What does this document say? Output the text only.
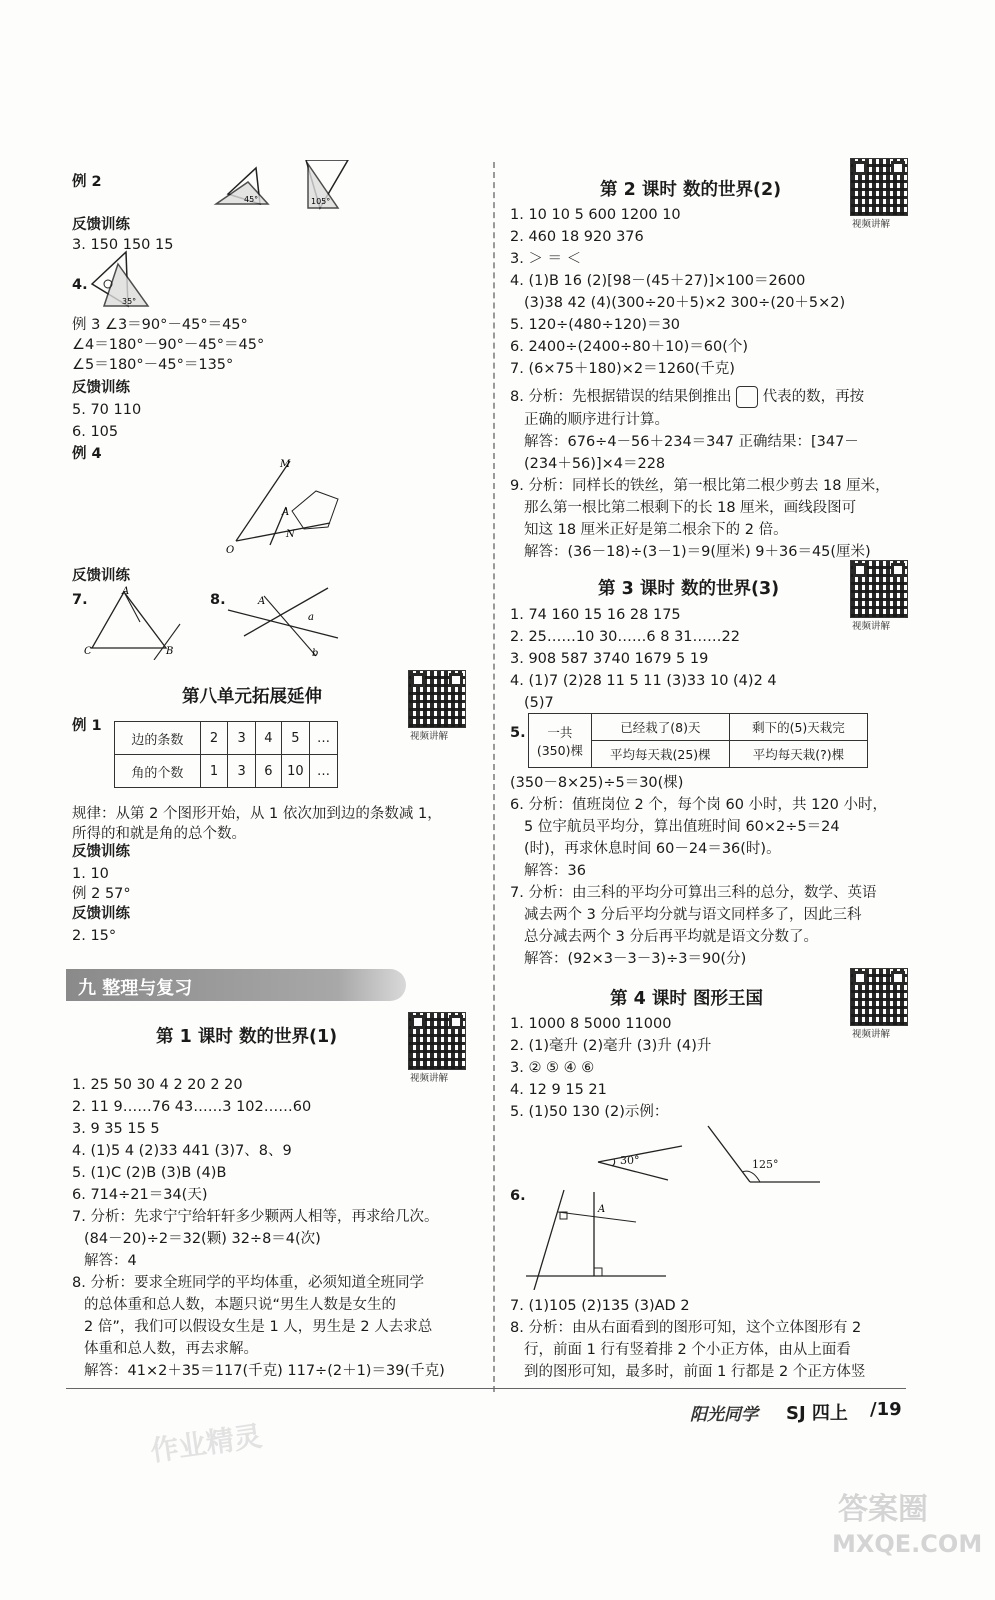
例 2
45°	105°
反馈训练
3. 150 150 15
4.
35°
例 3 ∠3＝90°－45°＝45°
∠4＝180°－90°－45°＝45°
∠5＝180°－45°＝135°
反馈训练
5. 70 110
6. 105
例 4
M
O
A
N
反馈训练
7.
A
C	B
8.	A
a
b
第八单元拓展延伸
视频讲解
例 1
边的条数	2	3	4	5	…
角的个数	1	3	6	10	…
规律：从第 2 个图形开始，从 1 依次加到边的条数减 1，
所得的和就是角的总个数。
反馈训练
1. 10
例 2 57°
反馈训练
2. 15°
九 整理与复习
第 1 课时 数的世界(1)
视频讲解
1. 25 50 30 4 2 20 2 20
2. 11 9……76 43……3 102……60
3. 9 35 15 5
4. (1)5 4 (2)33 441 (3)7、8、9
5. (1)C (2)B (3)B (4)B
6. 714÷21＝34(天)
7. 分析：先求宁宁给轩轩多少颗两人相等，再求给几次。
(84－20)÷2＝32(颗) 32÷8＝4(次)
解答：4
8. 分析：要求全班同学的平均体重，必须知道全班同学
的总体重和总人数，本题只说“男生人数是女生的
2 倍”，我们可以假设女生是 1 人，男生是 2 人去求总
体重和总人数，再去求解。
解答：41×2＋35＝117(千克) 117÷(2＋1)＝39(千克)
第 2 课时 数的世界(2)
视频讲解
1. 10 10 5 600 1200 10
2. 460 18 920 376
3. ＞ ＝ ＜
4. (1)B 16 (2)[98－(45＋27)]×100＝2600
(3)38 42 (4)(300÷20＋5)×2 300÷(20＋5×2)
5. 120÷(480÷120)＝30
6. 2400÷(2400÷80＋10)＝60(个)
7. (6×75＋180)×2＝1260(千克)
8. 分析：先根据错误的结果倒推出 代表的数，再按
正确的顺序进行计算。
解答：676÷4－56＋234＝347 正确结果：[347－
(234＋56)]×4＝228
9. 分析：同样长的铁丝，第一根比第二根少剪去 18 厘米，
那么第一根比第二根剩下的长 18 厘米，画线段图可
知这 18 厘米正好是第二根余下的 2 倍。
解答：(36－18)÷(3－1)＝9(厘米) 9＋36＝45(厘米)
第 3 课时 数的世界(3)
视频讲解
1. 74 160 15 16 28 175
2. 25……10 30……6 8 31……22
3. 908 587 3740 1679 5 19
4. (1)7 (2)28 11 5 11 (3)33 10 (4)2 4
(5)7
5.	一共
(350)棵	已经栽了(8)天	剩下的(5)天栽完
	平均每天栽(25)棵	平均每天栽(?)棵
(350－8×25)÷5＝30(棵)
6. 分析：值班岗位 2 个，每个岗 60 小时，共 120 小时，
5 位宇航员平均分，算出值班时间 60×2÷5＝24
(时)，再求休息时间 60－24＝36(时)。
解答：36
7. 分析：由三科的平均分可算出三科的总分，数学、英语
减去两个 3 分后平均分就与语文同样多了，因此三科
总分减去两个 3 分后再平均就是语文分数了。
解答：(92×3－3－3)÷3＝90(分)
第 4 课时 图形王国
视频讲解
1. 1000 8 5000 11000
2. (1)毫升 (2)毫升 (3)升 (4)升
3. ② ⑤ ④ ⑥
4. 12 9 15 21
5. (1)50 130 (2)示例：
30°	125°
6.
A
7. (1)105 (2)135 (3)AD 2
8. 分析：由从右面看到的图形可知，这个立体图形有 2
行，前面 1 行有竖着排 2 个小正方体，由从上面看
到的图形可知，最多时，前面 1 行都是 2 个正方体竖
阳光同学 SJ 四上 /19
作业精灵
答案圈
MXQE.COM
